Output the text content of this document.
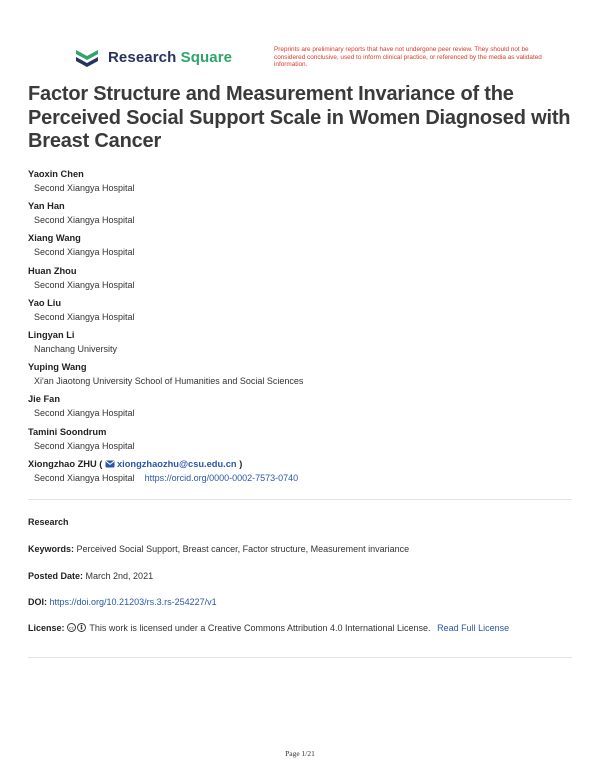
Research Square	Preprints are preliminary reports that have not undergone peer review. They should not be considered conclusive, used to inform clinical practice, or referenced by the media as validated information.
Factor Structure and Measurement Invariance of the Perceived Social Support Scale in Women Diagnosed with Breast Cancer
Yaoxin Chen
Second Xiangya Hospital
Yan Han
Second Xiangya Hospital
Xiang Wang
Second Xiangya Hospital
Huan Zhou
Second Xiangya Hospital
Yao Liu
Second Xiangya Hospital
Lingyan Li
Nanchang University
Yuping Wang
Xi'an Jiaotong University School of Humanities and Social Sciences
Jie Fan
Second Xiangya Hospital
Tamini Soondrum
Second Xiangya Hospital
Xiongzhao ZHU ( xiongzhaozhu@csu.edu.cn )
Second Xiangya Hospital https://orcid.org/0000-0002-7573-0740
Research
Keywords: Perceived Social Support, Breast cancer, Factor structure, Measurement invariance
Posted Date: March 2nd, 2021
DOI: https://doi.org/10.21203/rs.3.rs-254227/v1
License: cc This work is licensed under a Creative Commons Attribution 4.0 International License. Read Full License
Page 1/21
